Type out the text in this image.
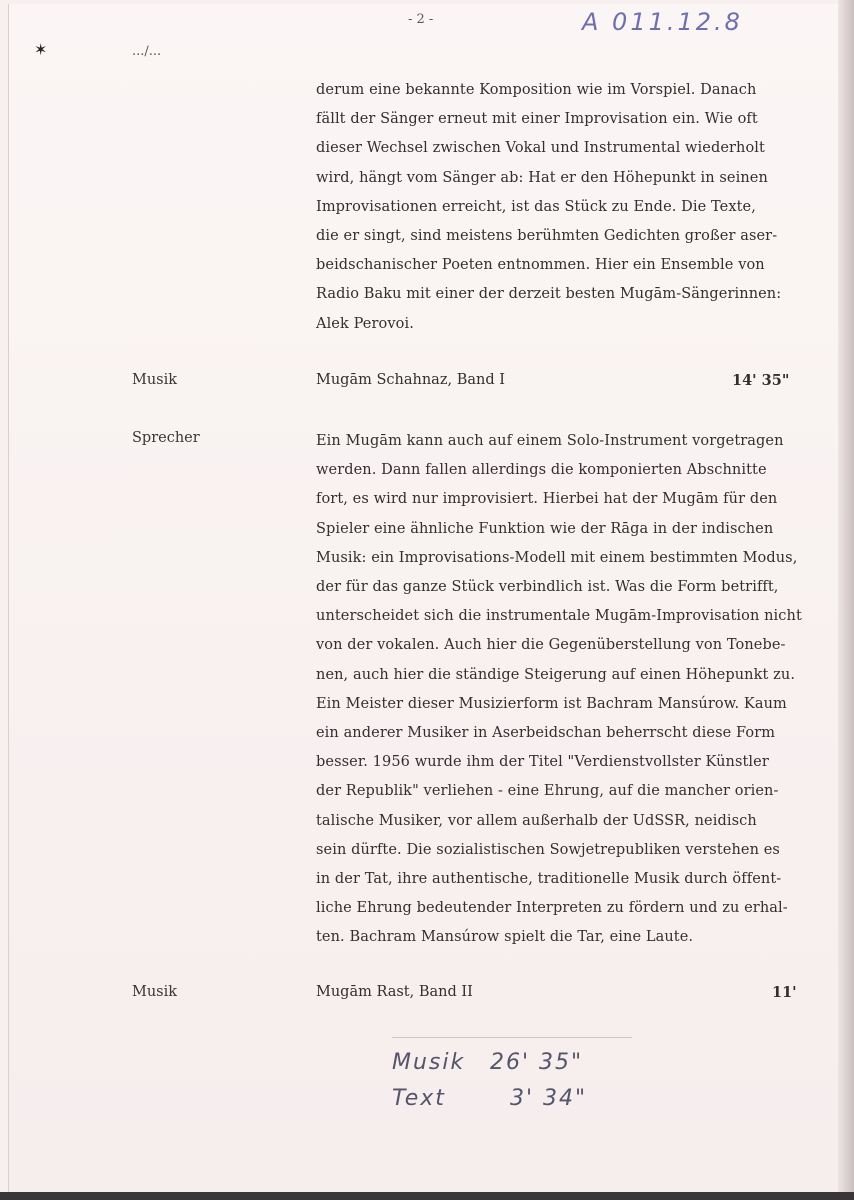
✶
- 2 -	A 011.12.8
.../...
derum eine bekannte Komposition wie im Vorspiel. Danach
fällt der Sänger erneut mit einer Improvisation ein. Wie oft
dieser Wechsel zwischen Vokal und Instrumental wiederholt
wird, hängt vom Sänger ab: Hat er den Höhepunkt in seinen
Improvisationen erreicht, ist das Stück zu Ende. Die Texte,
die er singt, sind meistens berühmten Gedichten großer aser-
beidschanischer Poeten entnommen. Hier ein Ensemble von
Radio Baku mit einer der derzeit besten Mugām-Sängerinnen:
Alek Perovoi.
Musik	Mugām Schahnaz, Band I	14' 35"
Sprecher	Ein Mugām kann auch auf einem Solo-Instrument vorgetragen
werden. Dann fallen allerdings die komponierten Abschnitte
fort, es wird nur improvisiert. Hierbei hat der Mugām für den
Spieler eine ähnliche Funktion wie der Rāga in der indischen
Musik: ein Improvisations-Modell mit einem bestimmten Modus,
der für das ganze Stück verbindlich ist. Was die Form betrifft,
unterscheidet sich die instrumentale Mugām-Improvisation nicht
von der vokalen. Auch hier die Gegenüberstellung von Tonebe-
nen, auch hier die ständige Steigerung auf einen Höhepunkt zu.
Ein Meister dieser Musizierform ist Bachram Mansúrow. Kaum
ein anderer Musiker in Aserbeidschan beherrscht diese Form
besser. 1956 wurde ihm der Titel "Verdienstvollster Künstler
der Republik" verliehen - eine Ehrung, auf die mancher orien-
talische Musiker, vor allem außerhalb der UdSSR, neidisch
sein dürfte. Die sozialistischen Sowjetrepubliken verstehen es
in der Tat, ihre authentische, traditionelle Musik durch öffent-
liche Ehrung bedeutender Interpreten zu fördern und zu erhal-
ten. Bachram Mansúrow spielt die Tar, eine Laute.
Musik	Mugām Rast, Band II	11'
Musik 26' 35"
Text	3' 34"
